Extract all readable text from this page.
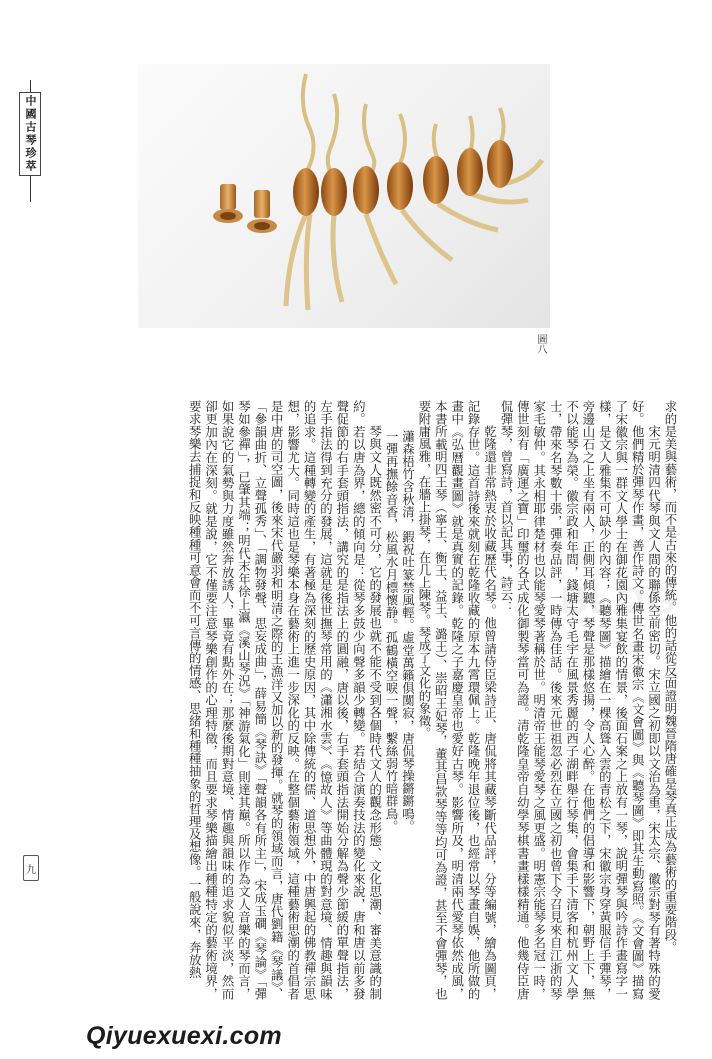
中國古琴珍萃
圖八

求的是美與藝術，而不是古來的傳統。他的話從反面證明魏晉隋唐確是琴真正成為藝術的重要階段。

宋元明清四代琴與文人間的聯係空前密切。宋立國之初即以文治為重，宋太宗、徽宗對琴有著特殊的愛好。他們精於彈琴作畫，善作詩文。傳世名畫宋徽宗《文會圖》與《聽琴圖》即其生動寫照。《文會圖》描寫了宋徽宗與一群文人學士在御花園內雅集宴飲的情景，後面石案之上放有一琴，說明彈琴與吟詩作畫寫字一樣，是文人雅集不可缺少的內容；《聽琴圖》描繪在一棵高聳入雲的青松之下，宋徽宗身穿黃服信手彈琴，旁邊山石之上坐有兩人，正側耳傾聽，琴聲是那樣悠揚，令人心醉。在他們的倡導和影響下，朝野上下，無不以能琴為榮。徽宗政和年間，錢塘太守毛宇在風景秀麗的西子湖畔舉行琴集，會集手下清客和杭州文人學士，帶來名琴數十張，彈奏品評，一時傳為佳話。後來元世祖忽必烈在立國之初也曾下令召見來自江浙的琴家毛敏仲。其永相耶律楚材也以能琴愛琴著稱於世。明清帝王能琴愛琴之風更盛。明憲宗能琴多名冠一時，傳世刻有「廣運之寶」印璽的各式成化御製琴當可為證。清乾隆皇帝自幼學琴棋書畫樣樣精通。他幾侍臣唐侃彈琴，曾寫詩，首以記其事，詩云：

乾隆還非常熱衷於收藏歷代名琴。他曾請侍臣梁詩正、唐侃將其藏琴斷代品評，分等編號，繪為圖頁，記錄存世。這首詩後來就刻在乾隆收藏的原本九霄環佩上。乾隆晚年退位後，也經常以琴畫自娛，他所做的畫中《弘曆觀畫圖》就是真實的記錄。乾隆之子嘉慶皇帝也愛好古琴。影響所及，明清兩代愛琴依然成風，本書所載明四王琴（寧王、衡王、益王、潞王）、崇昭王妃琴，董其昌款琴等等均可為證，甚至不會彈琴，也要附庸風雅，在牆上掛琴，在几上陳琴。琴成了文化的象徵。

瀟森梧竹含秋清，鍜祝吐篆禁風輕。虛堂萬籟俱闃寂，唐侃琴操鏘鏘鳴。

一彈再撫餘音香，松風水月標懷静。孤鶴橫空唳一聲，繫絲弱竹暗群鳥。

琴與文人既然密不可分，它的發展也就不能不受到各個時代文人的觀念形態、文化思潮、審美意識的制約。若以唐為界，總的傾向是：從琴多鼓少向聲多韻少轉變。若結合演奏技法的變化來說，唐和唐以前多發聲促節的右手套頭指法，講究的是指法上的圓融，唐以後，右手套頭指法開始分解為聲少節緩的單聲指法，左手指法得到充分的發展，這就是後世撫琴常用的《瀟湘水雲》、《憶故人》等曲體現的對意境、情趣與韻味的追求。這種轉變的產生，有著極為深刻的歷史原因，其中除傳統的儒、道思想外，中唐興起的佛教禪宗思想，影響尤大。同時這也是琴樂本身在藝術上進一步深化的反映。在整個藝術領域，這種藝術思潮的首倡者是中唐的司空圖，後來宋代嚴羽和明清之際的王漁洋又加以新的發揮。就琴的領域而言，唐代劉籍《琴議》、「參韻曲折、立聲孤秀」、「調物發聲、思妄成曲」，薛易簡《琴訣》「聲韻各有所主」，宋成玉磵《琴論》「彈琴如參禪」，已肇其端；明代末年徐上瀛《溪山琴況》「神游氣化」則達其巔。所以作為文人音樂的琴而言，如果說它的氣勢與力度雖然奔放誘人，畢竟有點外在；那麼後期對意境、情趣與韻味的追求貌似平淡，然而卻更加內在深刻。就是說，它不僅要注意琴樂創作的心理特徵，而且要求琴樂描繪出種種特定的藝術境界，要求琴樂去捕捉和反映種種可意會而不可言傳的情感、思緒和種種抽象的哲理及想像。一般說來，奔放熱

九
BLOG
Qiyuexuexi.com
